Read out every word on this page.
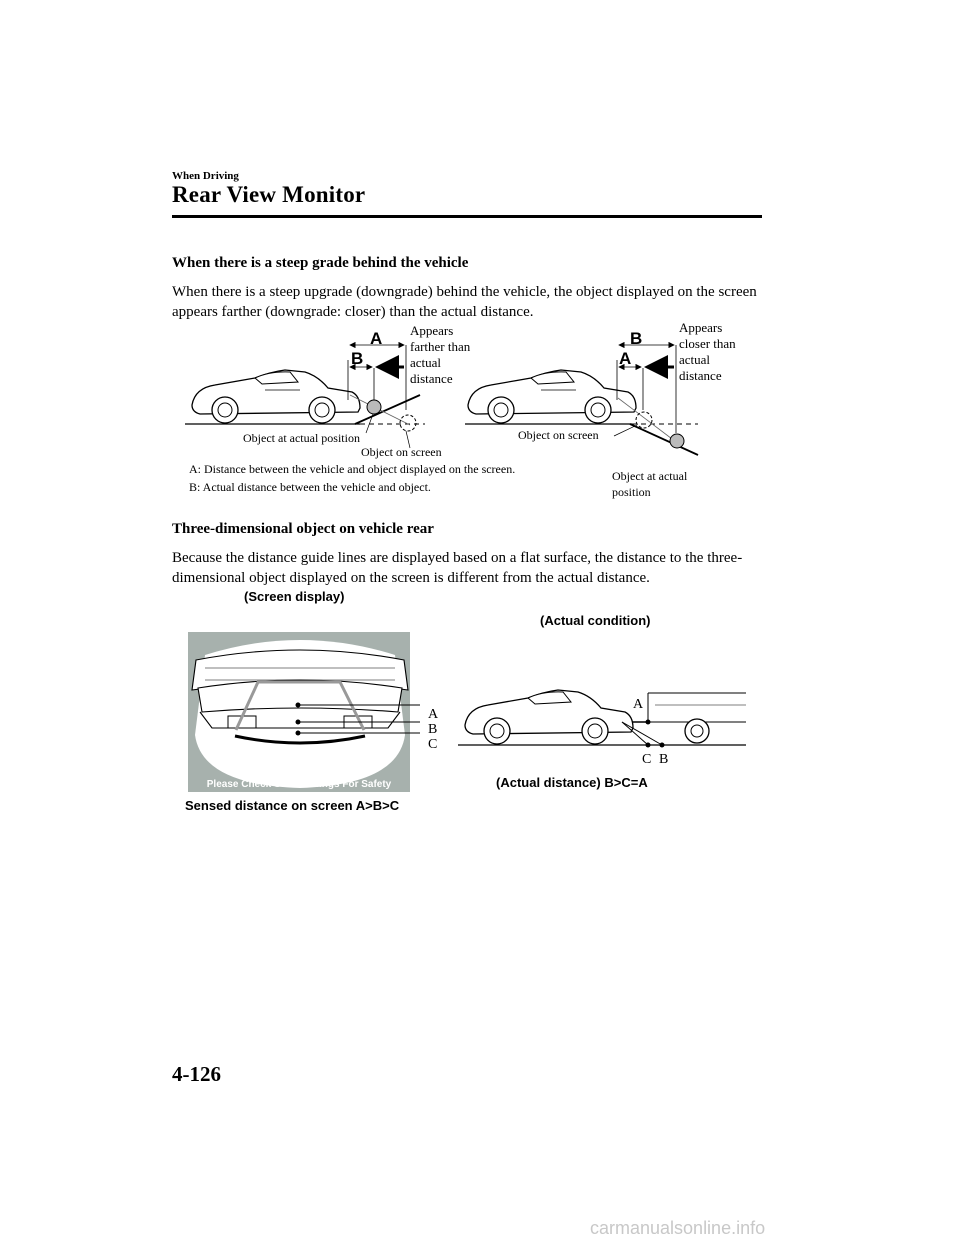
When Driving
Rear View Monitor
When there is a steep grade behind the vehicle
When there is a steep upgrade (downgrade) behind the vehicle, the object displayed on the screen appears farther (downgrade: closer) than the actual distance.
A
B
Appears
farther than
actual
distance
Object at actual position
Object on screen
B
A
Appears
closer than
actual
distance
Object on screen
Object at actual
position
A: Distance between the vehicle and object displayed on the screen.
B: Actual distance between the vehicle and object.
Three-dimensional object on vehicle rear
Because the distance guide lines are displayed based on a flat surface, the distance to the three-dimensional object displayed on the screen is different from the actual distance.
(Screen display)
(Actual condition)
Please Check Surroundings For Safety
A
B
C
Sensed distance on screen A>B>C
A
C B
(Actual distance) B>C=A
4-126
carmanualsonline.info
